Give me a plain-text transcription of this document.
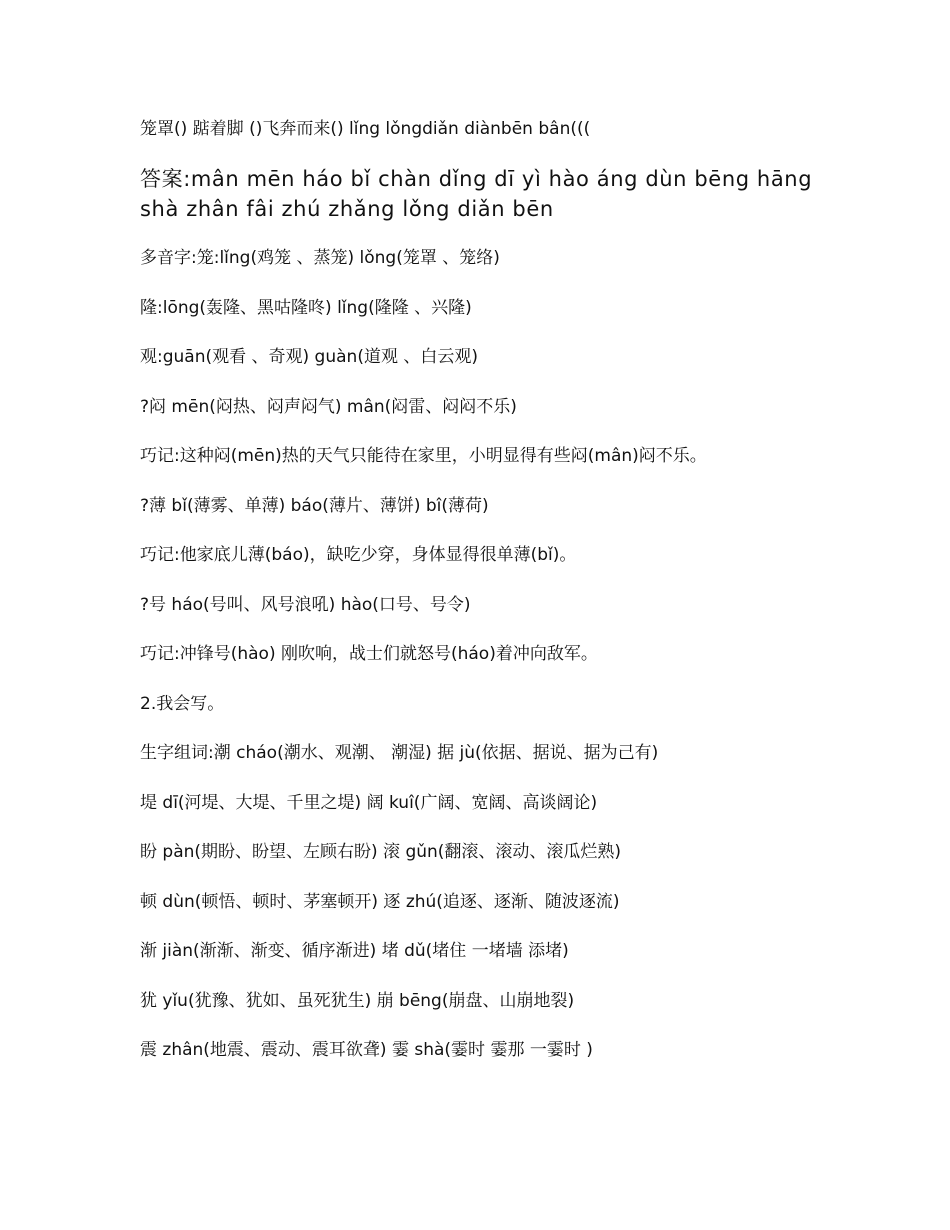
笼罩() 踮着脚 ()飞奔而来() lǐng lǒngdiǎn diànbēn bân(((
答案:mân mēn háo bǐ chàn dǐng dī yì hào áng dùn bēng hāng shà zhân fâi zhú zhǎng lǒng diǎn bēn
多音字:笼:lǐng(鸡笼 、蒸笼) lǒng(笼罩 、笼络)
隆:lōng(轰隆、黑咕隆咚) lǐng(隆隆 、兴隆)
观:guān(观看 、奇观) guàn(道观 、白云观)
?闷 mēn(闷热、闷声闷气) mân(闷雷、闷闷不乐)
巧记:这种闷(mēn)热的天气只能待在家里，小明显得有些闷(mân)闷不乐。
?薄 bǐ(薄雾、单薄) báo(薄片、薄饼) bî(薄荷)
巧记:他家底儿薄(báo)，缺吃少穿，身体显得很单薄(bǐ)。
?号 háo(号叫、风号浪吼) hào(口号、号令)
巧记:冲锋号(hào) 刚吹响，战士们就怒号(háo)着冲向敌军。
2.我会写。
生字组词:潮 cháo(潮水、观潮、 潮湿) 据 jù(依据、据说、据为己有)
堤 dī(河堤、大堤、千里之堤) 阔 kuî(广阔、宽阔、高谈阔论)
盼 pàn(期盼、盼望、左顾右盼) 滚 gǔn(翻滚、滚动、滚瓜烂熟)
顿 dùn(顿悟、顿时、茅塞顿开) 逐 zhú(追逐、逐渐、随波逐流)
渐 jiàn(渐渐、渐变、循序渐进) 堵 dǔ(堵住 一堵墙 添堵)
犹 yǐu(犹豫、犹如、虽死犹生) 崩 bēng(崩盘、山崩地裂)
震 zhân(地震、震动、震耳欲聋) 霎 shà(霎时 霎那 一霎时 )
